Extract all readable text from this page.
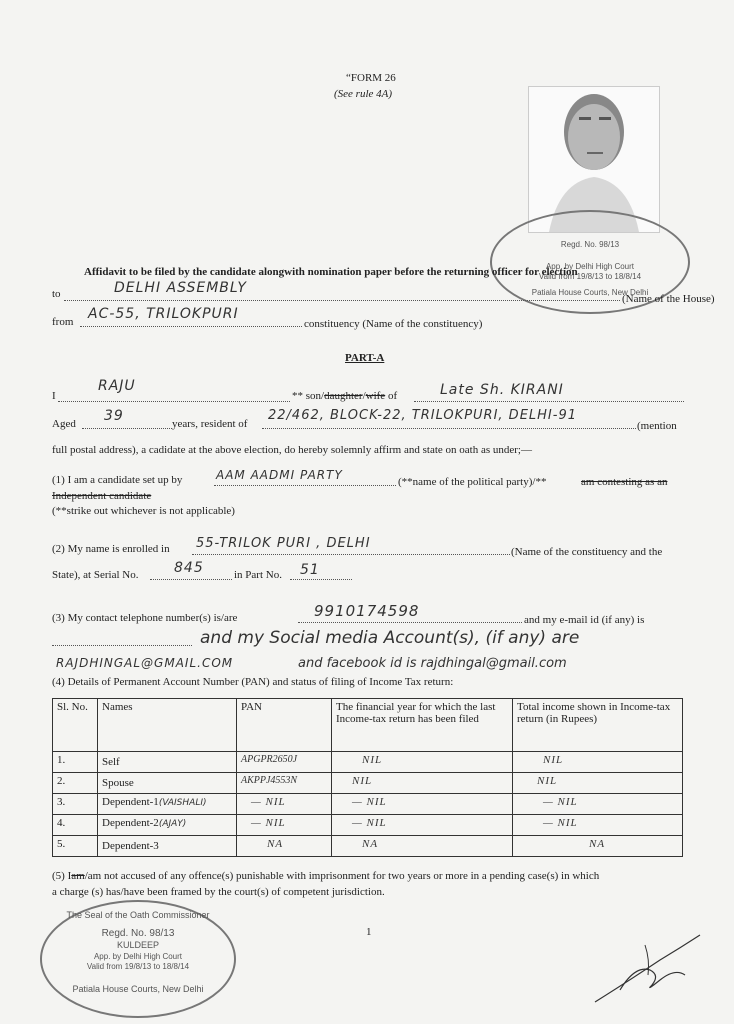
“FORM 26
(See rule 4A)
Regd. No. 98/13
App. by Delhi High Court
Valid from 19/8/13 to 18/8/14
Patiala House Courts, New Delhi
Affidavit to be filed by the candidate alongwith nomination paper before the returning officer for election
to	DELHI ASSEMBLY
(Name of the House)
from AC-55, TRILOKPURI
constituency (Name of the constituency)
PART-A
I
RAJU
** son/daughter/wife of	Late Sh. KIRANI
Aged 39	years, resident of
22/462, BLOCK-22, TRILOKPURI, DELHI-91
(mention
full postal address), a cadidate at the above election, do hereby solemnly affirm and state on oath as under;—
(1) I am a candidate set up by	AAM AADMI PARTY	(**name of the political party)/**	am contesting as an
Independent candidate
(**strike out whichever is not applicable)
(2) My name is enrolled in 55-TRILOK PURI , DELHI
(Name of the constituency and the
State), at Serial No.	845	in Part No. 51
(3) My contact telephone number(s) is/are	9910174598	and my e-mail id (if any) is
and my Social media Account(s), (if any) are
RAJDHINGAL@GMAIL.COM	and facebook id is rajdhingal@gmail.com
(4) Details of Permanent Account Number (PAN) and status of filing of Income Tax return:
Sl. No.	Names	PAN	The financial year for which the last Income-tax return has been filed	Total income shown in Income-tax return (in Rupees)
1.	Self	APGPR2650J	NIL	NIL
2.	Spouse	AKPPJ4553N	NIL	NIL
3.	Dependent-1(VAISHALI)	— NIL	— NIL	— NIL
4.	Dependent-2(AJAY)	— NIL	— NIL	— NIL
5.	Dependent-3	NA	NA	NA
(5) Iam/am not accused of any offence(s) punishable with imprisonment for two years or more in a pending case(s) in which
a charge (s) has/have been framed by the court(s) of competent jurisdiction.
1
The Seal of the Oath Commissioner
Regd. No. 98/13
KULDEEP
App. by Delhi High Court
Valid from 19/8/13 to 18/8/14
Patiala House Courts, New Delhi
